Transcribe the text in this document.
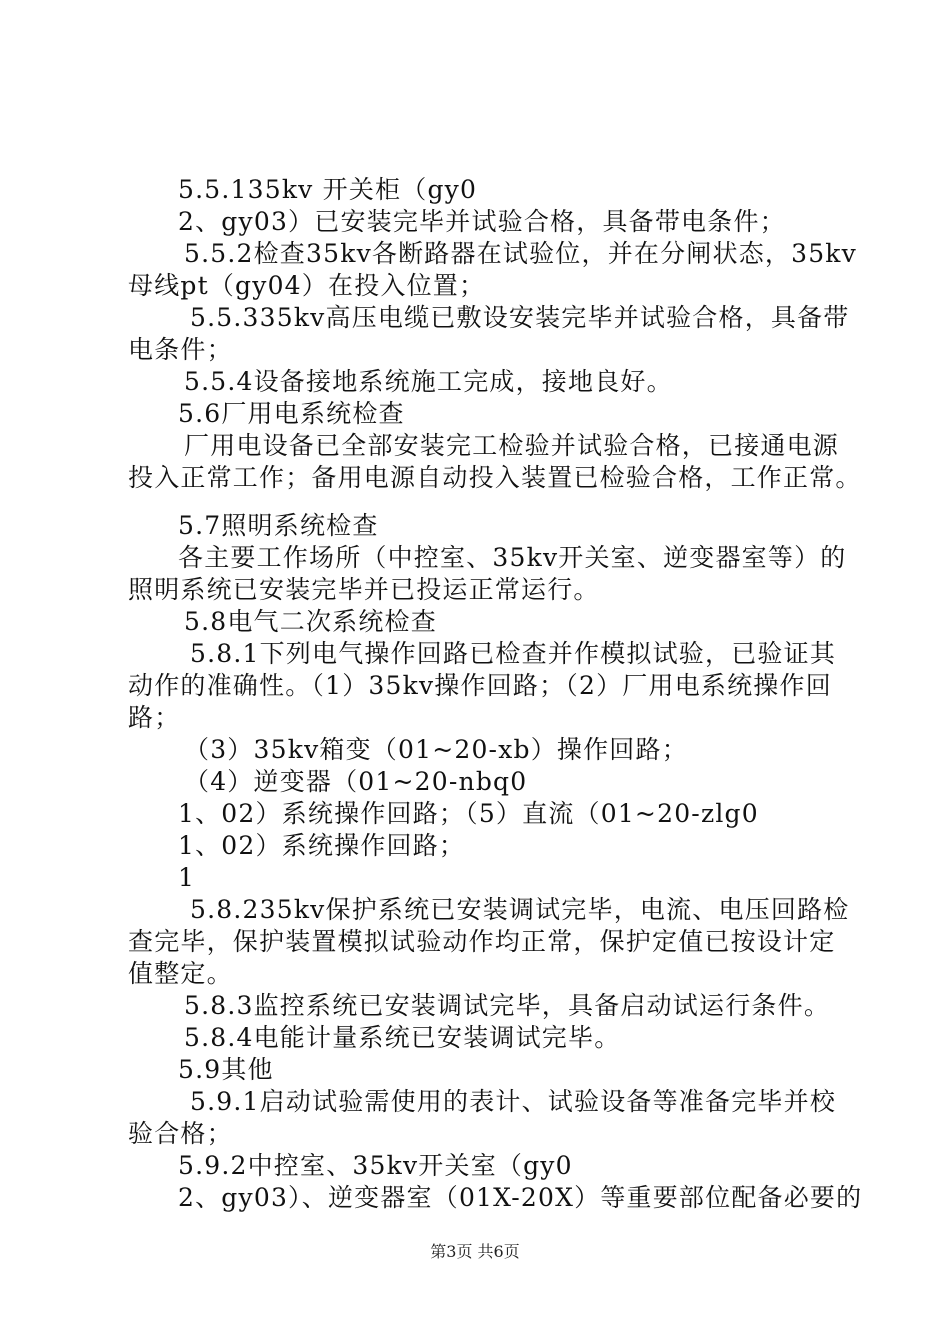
5.5.135kv 开关柜（gy0
2、gy03）已安装完毕并试验合格，具备带电条件；
5.5.2检查35kv各断路器在试验位，并在分闸状态，35kv
母线pt（gy04）在投入位置；
5.5.335kv高压电缆已敷设安装完毕并试验合格，具备带
电条件；
5.5.4设备接地系统施工完成，接地良好。
5.6厂用电系统检查
厂用电设备已全部安装完工检验并试验合格，已接通电源
投入正常工作；备用电源自动投入装置已检验合格，工作正常。
5.7照明系统检查
各主要工作场所（中控室、35kv开关室、逆变器室等）的
照明系统已安装完毕并已投运正常运行。
5.8电气二次系统检查
5.8.1下列电气操作回路已检查并作模拟试验，已验证其
动作的准确性。（1）35kv操作回路；（2）厂用电系统操作回
路；
（3）35kv箱变（01~20-xb）操作回路；
（4）逆变器（01~20-nbq0
1、02）系统操作回路；（5）直流（01~20-zlg0
1、02）系统操作回路；
1
5.8.235kv保护系统已安装调试完毕，电流、电压回路检
查完毕，保护装置模拟试验动作均正常，保护定值已按设计定
值整定。
5.8.3监控系统已安装调试完毕，具备启动试运行条件。
5.8.4电能计量系统已安装调试完毕。
5.9其他
5.9.1启动试验需使用的表计、试验设备等准备完毕并校
验合格；
5.9.2中控室、35kv开关室（gy0
2、gy03）、逆变器室（01X-20X）等重要部位配备必要的
第3页 共6页
